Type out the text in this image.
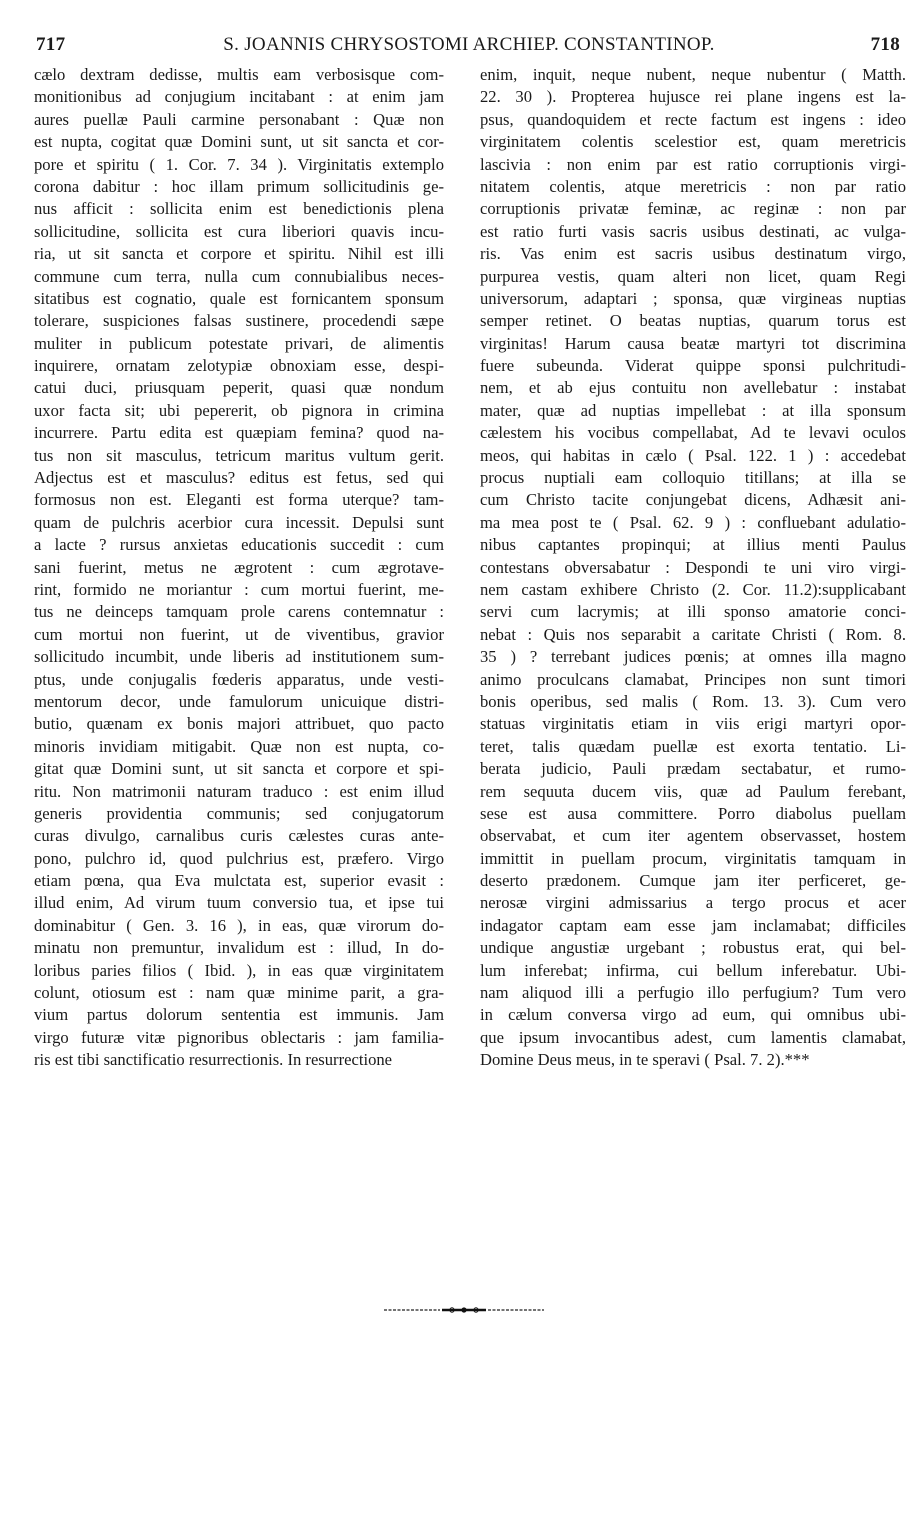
717	S. JOANNIS CHRYSOSTOMI ARCHIEP. CONSTANTINOP.	718
cælo dextram dedisse, multis eam verbosisque com-
monitionibus ad conjugium incitabant : at enim jam
aures puellæ Pauli carmine personabant : Quæ non
est nupta, cogitat quæ Domini sunt, ut sit sancta et cor-
pore et spiritu ( 1. Cor. 7. 34 ). Virginitatis extemplo
corona dabitur : hoc illam primum sollicitudinis ge-
nus afficit : sollicita enim est benedictionis plena
sollicitudine, sollicita est cura liberiori quavis incu-
ria, ut sit sancta et corpore et spiritu. Nihil est illi
commune cum terra, nulla cum connubialibus neces-
sitatibus est cognatio, quale est fornicantem sponsum
tolerare, suspiciones falsas sustinere, procedendi sæpe
muliter in publicum potestate privari, de alimentis
inquirere, ornatam zelotypiæ obnoxiam esse, despi-
catui duci, priusquam peperit, quasi quæ nondum
uxor facta sit; ubi pepererit, ob pignora in crimina
incurrere. Partu edita est quæpiam femina? quod na-
tus non sit masculus, tetricum maritus vultum gerit.
Adjectus est et masculus? editus est fetus, sed qui
formosus non est. Eleganti est forma uterque? tam-
quam de pulchris acerbior cura incessit. Depulsi sunt
a lacte ? rursus anxietas educationis succedit : cum
sani fuerint, metus ne ægrotent : cum ægrotave-
rint, formido ne moriantur : cum mortui fuerint, me-
tus ne deinceps tamquam prole carens contemnatur :
cum mortui non fuerint, ut de viventibus, gravior
sollicitudo incumbit, unde liberis ad institutionem sum-
ptus, unde conjugalis fœderis apparatus, unde vesti-
mentorum decor, unde famulorum unicuique distri-
butio, quænam ex bonis majori attribuet, quo pacto
minoris invidiam mitigabit. Quæ non est nupta, co-
gitat quæ Domini sunt, ut sit sancta et corpore et spi-
ritu. Non matrimonii naturam traduco : est enim illud
generis providentia communis; sed conjugatorum
curas divulgo, carnalibus curis cælestes curas ante-
pono, pulchro id, quod pulchrius est, præfero. Virgo
etiam pœna, qua Eva mulctata est, superior evasit :
illud enim, Ad virum tuum conversio tua, et ipse tui
dominabitur ( Gen. 3. 16 ), in eas, quæ virorum do-
minatu non premuntur, invalidum est : illud, In do-
loribus paries filios ( Ibid. ), in eas quæ virginitatem
colunt, otiosum est : nam quæ minime parit, a gra-
vium partus dolorum sententia est immunis. Jam
virgo futuræ vitæ pignoribus oblectaris : jam familia-
ris est tibi sanctificatio resurrectionis. In resurrectione
enim, inquit, neque nubent, neque nubentur ( Matth.
22. 30 ). Propterea hujusce rei plane ingens est la-
psus, quandoquidem et recte factum est ingens : ideo
virginitatem colentis scelestior est, quam meretricis
lascivia : non enim par est ratio corruptionis virgi-
nitatem colentis, atque meretricis : non par ratio
corruptionis privatæ feminæ, ac reginæ : non par
est ratio furti vasis sacris usibus destinati, ac vulga-
ris. Vas enim est sacris usibus destinatum virgo,
purpurea vestis, quam alteri non licet, quam Regi
universorum, adaptari ; sponsa, quæ virgineas nuptias
semper retinet. O beatas nuptias, quarum torus est
virginitas! Harum causa beatæ martyri tot discrimina
fuere subeunda. Viderat quippe sponsi pulchritudi-
nem, et ab ejus contuitu non avellebatur : instabat
mater, quæ ad nuptias impellebat : at illa sponsum
cælestem his vocibus compellabat, Ad te levavi oculos
meos, qui habitas in cælo ( Psal. 122. 1 ) : accedebat
procus nuptiali eam colloquio titillans; at illa se
cum Christo tacite conjungebat dicens, Adhæsit ani-
ma mea post te ( Psal. 62. 9 ) : confluebant adulatio-
nibus captantes propinqui; at illius menti Paulus
contestans obversabatur : Despondi te uni viro virgi-
nem castam exhibere Christo (2. Cor. 11.2):supplicabant
servi cum lacrymis; at illi sponso amatorie conci-
nebat : Quis nos separabit a caritate Christi ( Rom. 8.
35 ) ? terrebant judices pœnis; at omnes illa magno
animo proculcans clamabat, Principes non sunt timori
bonis operibus, sed malis ( Rom. 13. 3). Cum vero
statuas virginitatis etiam in viis erigi martyri opor-
teret, talis quædam puellæ est exorta tentatio. Li-
berata judicio, Pauli prædam sectabatur, et rumo-
rem sequuta ducem viis, quæ ad Paulum ferebant,
sese est ausa committere. Porro diabolus puellam
observabat, et cum iter agentem observasset, hostem
immittit in puellam procum, virginitatis tamquam in
deserto prædonem. Cumque jam iter perficeret, ge-
nerosæ virgini admissarius a tergo procus et acer
indagator captam eam esse jam inclamabat; difficiles
undique angustiæ urgebant ; robustus erat, qui bel-
lum inferebat; infirma, cui bellum inferebatur. Ubi-
nam aliquod illi a perfugio illo perfugium? Tum vero
in cælum conversa virgo ad eum, qui omnibus ubi-
que ipsum invocantibus adest, cum lamentis clamabat,
Domine Deus meus, in te speravi ( Psal. 7. 2).***
